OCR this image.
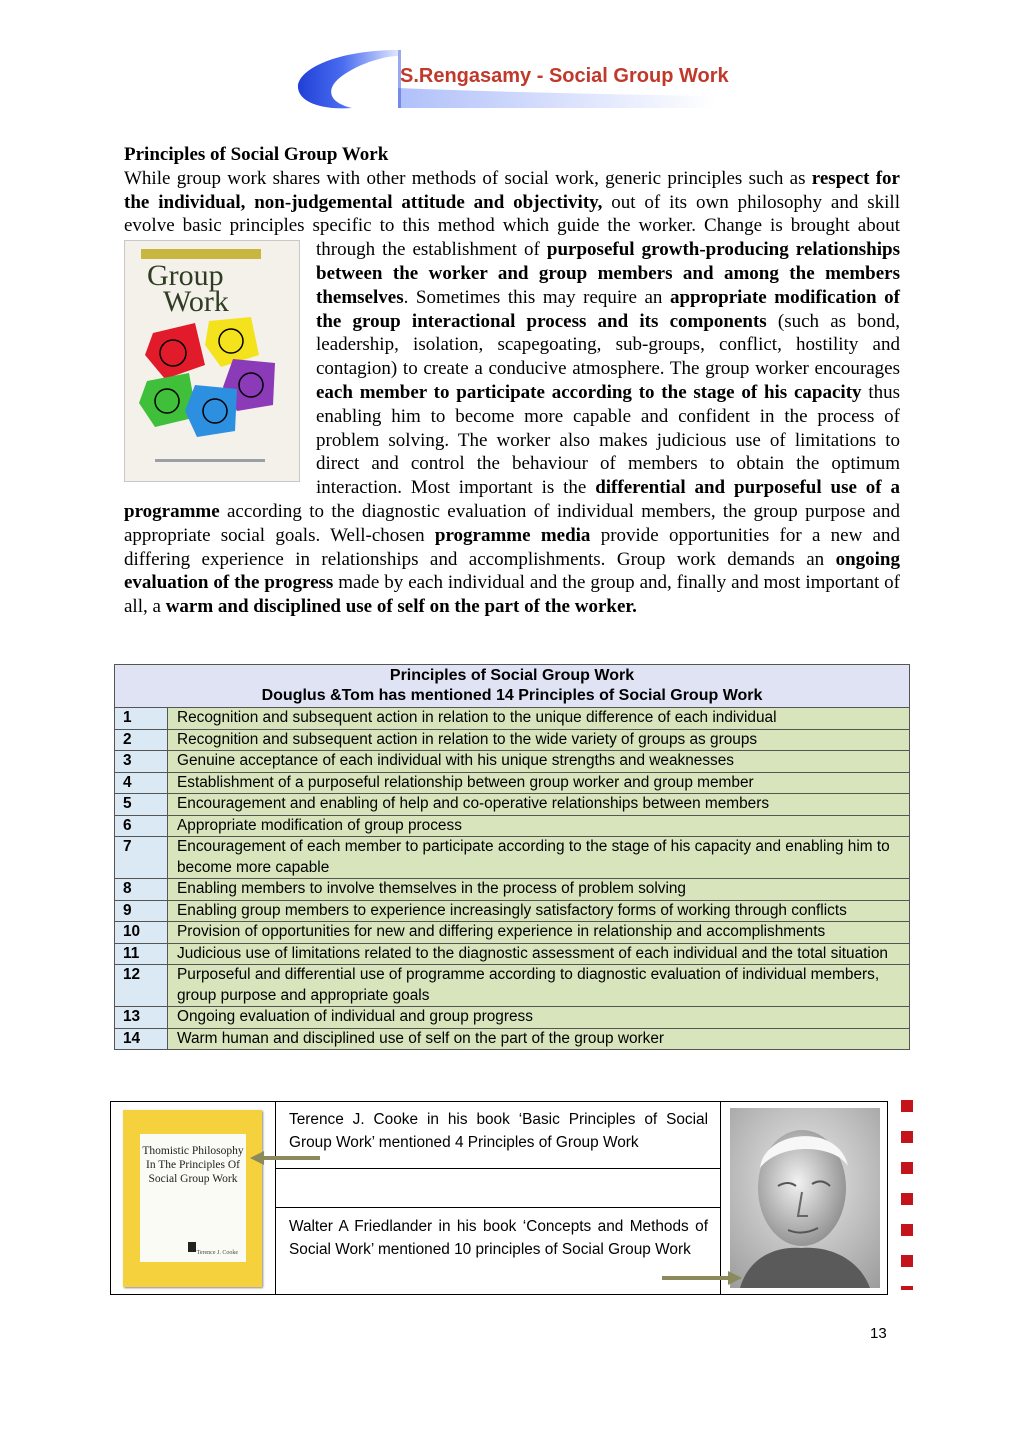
S.Rengasamy - Social Group Work
Principles of Social Group Work

While group work shares with other methods of social work, generic principles such as respect for the individual, non-judgemental attitude and objectivity, out of its own philosophy and skill evolve basic principles specific to this method which guide the worker. Change is brought about through the establishment of
Group
Work
purposeful growth-producing relationships between the worker and group members and among the members themselves. Sometimes this may require an appropriate modification of the group interactional process and its components (such as bond, leadership, isolation, scapegoating, sub-groups, conflict, hostility and contagion) to create a conducive atmosphere. The group worker encourages each member to participate according to the stage of his capacity thus enabling him to become more capable and confident in the process of problem solving. The worker also makes judicious use of limitations to direct and control the behaviour of members to obtain the optimum interaction. Most important is the differential and purposeful use of a programme according to the diagnostic evaluation of individual members, the group purpose and appropriate social goals. Well-chosen programme media provide opportunities for a new and differing experience in relationships and accomplishments. Group work demands an ongoing evaluation of the progress made by each individual and the group and, finally and most important of all, a warm and disciplined use of self on the part of the worker.

Principles of Social Group Work
Douglus &Tom has mentioned 14 Principles of Social Group Work	

1	Recognition and subsequent action in relation to the unique difference of each individual
2	Recognition and subsequent action in relation to the wide variety of groups as groups
3	Genuine acceptance of each individual with his unique strengths and weaknesses
4	Establishment of a purposeful relationship between group worker and group member
5	Encouragement and enabling of help and co-operative relationships between members
6	Appropriate modification of group process
7	Encouragement of each member to participate according to the stage of his capacity and enabling him to become more capable
8	Enabling members to involve themselves in the process of problem solving
9	Enabling group members to experience increasingly satisfactory forms of working through conflicts
10	Provision of opportunities for new and differing experience in relationship and accomplishments
11	Judicious use of limitations related to the diagnostic assessment of each individual and the total situation
12	Purposeful and differential use of programme according to diagnostic evaluation of individual members, group purpose and appropriate goals
13	Ongoing evaluation of individual and group progress
14	Warm human and disciplined use of self on the part of the group worker
Thomistic Philosophy In The Principles Of Social Group Work
Terence J. Cooke
Terence J. Cooke in his book ‘Basic Principles of Social Group Work’ mentioned 4 Principles of Group Work
Walter A Friedlander in his book ‘Concepts and Methods of Social Work’ mentioned 10 principles of Social Group Work
13
